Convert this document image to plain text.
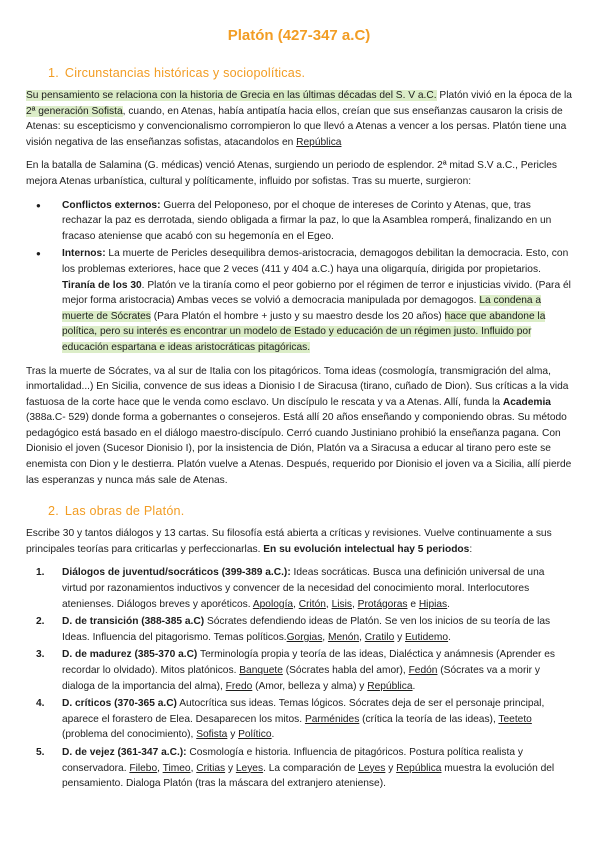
Platón (427-347 a.C)
1. Circunstancias históricas y sociopolíticas.

Su pensamiento se relaciona con la historia de Grecia en las últimas décadas del S. V a.C. Platón vivió en la época de la 2ª generación Sofista, cuando, en Atenas, había antipatía hacia ellos, creían que sus enseñanzas causaron la crisis de Atenas: su escepticismo y convencionalismo corrompieron lo que llevó a Atenas a vencer a los persas. Platón tiene una visión negativa de las enseñanzas sofistas, atacandolos en República

En la batalla de Salamina (G. médicas) venció Atenas, surgiendo un periodo de esplendor. 2ª mitad S.V a.C., Pericles mejora Atenas urbanística, cultural y políticamente, influido por sofistas. Tras su muerte, surgieron:

● Conflictos externos: Guerra del Peloponeso, por el choque de intereses de Corinto y Atenas, que, tras rechazar la paz es derrotada, siendo obligada a firmar la paz, lo que la Asamblea romperá, finalizando en un fracaso ateniense que acabó con su hegemonía en el Egeo.
● Internos: La muerte de Pericles desequilibra demos-aristocracia, demagogos debilitan la democracia. Esto, con los problemas exteriores, hace que 2 veces (411 y 404 a.C.) haya una oligarquía, dirigida por propietarios. Tiranía de los 30. Platón ve la tiranía como el peor gobierno por el régimen de terror e injusticias vivido. (Para él mejor forma aristocracia) Ambas veces se volvió a democracia manipulada por demagogos. La condena a muerte de Sócrates (Para Platón el hombre + justo y su maestro desde los 20 años) hace que abandone la política, pero su interés es encontrar un modelo de Estado y educación de un régimen justo. Influido por educación espartana e ideas aristocráticas pitagóricas.

Tras la muerte de Sócrates, va al sur de Italia con los pitagóricos. Toma ideas (cosmología, transmigración del alma, inmortalidad...) En Sicilia, convence de sus ideas a Dionisio I de Siracusa (tirano, cuñado de Dion). Sus críticas a la vida fastuosa de la corte hace que le venda como esclavo. Un discípulo le rescata y va a Atenas. Allí, funda la Academia (388a.C- 529) donde forma a gobernantes o consejeros. Está allí 20 años enseñando y componiendo obras. Su método pedagógico está basado en el diálogo maestro-discípulo. Cerró cuando Justiniano prohibió la enseñanza pagana. Con Dionisio el joven (Sucesor Dionisio I), por la insistencia de Dión, Platón va a Siracusa a educar al tirano pero este se enemista con Dion y le destierra. Platón vuelve a Atenas. Después, requerido por Dionisio el joven va a Sicilia, allí pierde las esperanzas y nunca más sale de Atenas.

2. Las obras de Platón.

Escribe 30 y tantos diálogos y 13 cartas. Su filosofía está abierta a críticas y revisiones. Vuelve continuamente a sus principales teorías para criticarlas y perfeccionarlas. En su evolución intelectual hay 5 periodos:

1. Diálogos de juventud/socráticos (399-389 a.C.): Ideas socráticas. Busca una definición universal de una virtud por razonamientos inductivos y convencer de la necesidad del conocimiento moral. Interlocutores atenienses. Diálogos breves y aporéticos. Apología, Critón, Lisis, Protágoras e Hipias.
2. D. de transición (388-385 a.C) Sócrates defendiendo ideas de Platón. Se ven los inicios de su teoría de las Ideas. Influencia del pitagorismo. Temas políticos.Gorgias, Menón, Cratilo y Eutidemo.
3. D. de madurez (385-370 a.C) Terminología propia y teoría de las ideas, Dialéctica y anámnesis (Aprender es recordar lo olvidado). Mitos platónicos. Banquete (Sócrates habla del amor), Fedón (Sócrates va a morir y dialoga de la importancia del alma), Fredo (Amor, belleza y alma) y República.
4. D. críticos (370-365 a.C) Autocrítica sus ideas. Temas lógicos. Sócrates deja de ser el personaje principal, aparece el forastero de Elea. Desaparecen los mitos. Parménides (crítica la teoría de las ideas), Teeteto (problema del conocimiento), Sofista y Político.
5. D. de vejez (361-347 a.C.): Cosmología e historia. Influencia de pitagóricos. Postura política realista y conservadora. Filebo, Timeo, Critias y Leyes. La comparación de Leyes y República muestra la evolución del pensamiento. Dialoga Platón (tras la máscara del extranjero ateniense).
